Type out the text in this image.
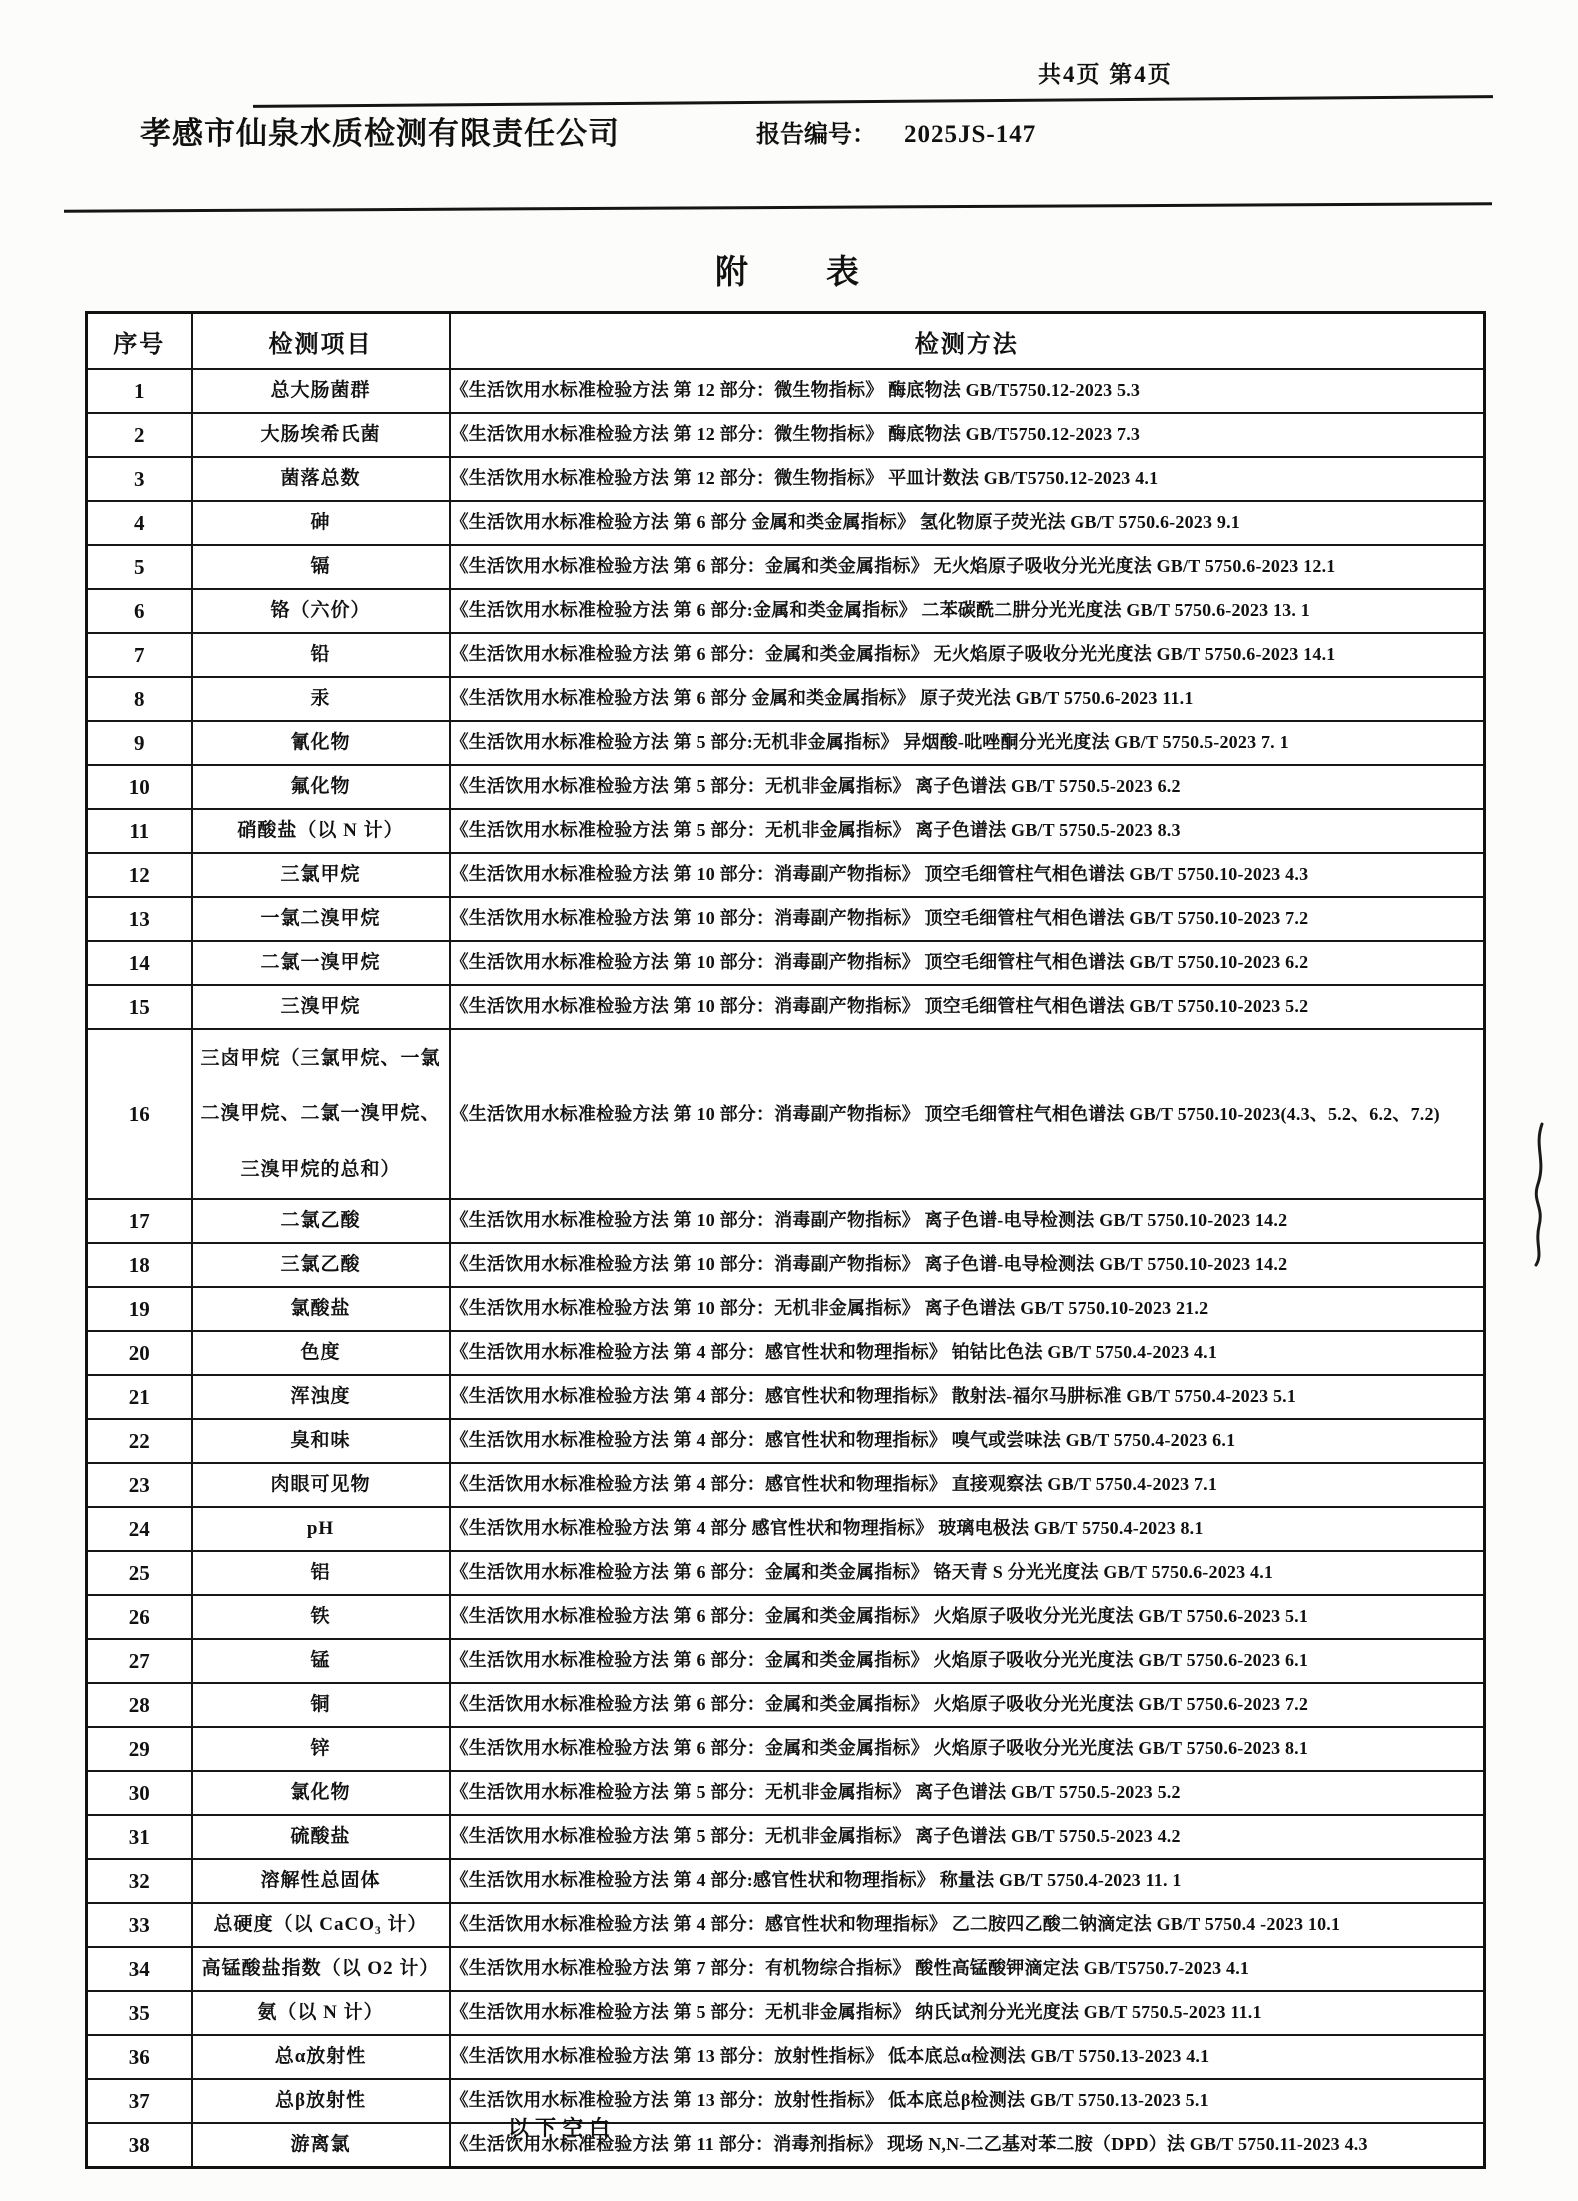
共4页 第4页
孝感市仙泉水质检测有限责任公司	报告编号： 2025JS-147
附　　表
序号	检测项目	检测方法
1	总大肠菌群	《生活饮用水标准检验方法 第 12 部分：微生物指标》 酶底物法 GB/T5750.12-2023 5.3
2	大肠埃希氏菌	《生活饮用水标准检验方法 第 12 部分：微生物指标》 酶底物法 GB/T5750.12-2023 7.3
3	菌落总数	《生活饮用水标准检验方法 第 12 部分：微生物指标》 平皿计数法 GB/T5750.12-2023 4.1
4	砷	《生活饮用水标准检验方法 第 6 部分 金属和类金属指标》 氢化物原子荧光法 GB/T 5750.6-2023 9.1
5	镉	《生活饮用水标准检验方法 第 6 部分：金属和类金属指标》 无火焰原子吸收分光光度法 GB/T 5750.6-2023 12.1
6	铬（六价）	《生活饮用水标准检验方法 第 6 部分:金属和类金属指标》 二苯碳酰二肼分光光度法 GB/T 5750.6-2023 13. 1
7	铅	《生活饮用水标准检验方法 第 6 部分：金属和类金属指标》 无火焰原子吸收分光光度法 GB/T 5750.6-2023 14.1
8	汞	《生活饮用水标准检验方法 第 6 部分 金属和类金属指标》 原子荧光法 GB/T 5750.6-2023 11.1
9	氰化物	《生活饮用水标准检验方法 第 5 部分:无机非金属指标》 异烟酸-吡唑酮分光光度法 GB/T 5750.5-2023 7. 1
10	氟化物	《生活饮用水标准检验方法 第 5 部分：无机非金属指标》 离子色谱法 GB/T 5750.5-2023 6.2
11	硝酸盐（以 N 计）	《生活饮用水标准检验方法 第 5 部分：无机非金属指标》 离子色谱法 GB/T 5750.5-2023 8.3
12	三氯甲烷	《生活饮用水标准检验方法 第 10 部分：消毒副产物指标》 顶空毛细管柱气相色谱法 GB/T 5750.10-2023 4.3
13	一氯二溴甲烷	《生活饮用水标准检验方法 第 10 部分：消毒副产物指标》 顶空毛细管柱气相色谱法 GB/T 5750.10-2023 7.2
14	二氯一溴甲烷	《生活饮用水标准检验方法 第 10 部分：消毒副产物指标》 顶空毛细管柱气相色谱法 GB/T 5750.10-2023 6.2
15	三溴甲烷	《生活饮用水标准检验方法 第 10 部分：消毒副产物指标》 顶空毛细管柱气相色谱法 GB/T 5750.10-2023 5.2
16	三卤甲烷（三氯甲烷、一氯二溴甲烷、二氯一溴甲烷、三溴甲烷的总和）	《生活饮用水标准检验方法 第 10 部分：消毒副产物指标》 顶空毛细管柱气相色谱法 GB/T 5750.10-2023(4.3、5.2、6.2、7.2)
17	二氯乙酸	《生活饮用水标准检验方法 第 10 部分：消毒副产物指标》 离子色谱-电导检测法 GB/T 5750.10-2023 14.2
18	三氯乙酸	《生活饮用水标准检验方法 第 10 部分：消毒副产物指标》 离子色谱-电导检测法 GB/T 5750.10-2023 14.2
19	氯酸盐	《生活饮用水标准检验方法 第 10 部分：无机非金属指标》 离子色谱法 GB/T 5750.10-2023 21.2
20	色度	《生活饮用水标准检验方法 第 4 部分：感官性状和物理指标》 铂钴比色法 GB/T 5750.4-2023 4.1
21	浑浊度	《生活饮用水标准检验方法 第 4 部分：感官性状和物理指标》 散射法-福尔马肼标准 GB/T 5750.4-2023 5.1
22	臭和味	《生活饮用水标准检验方法 第 4 部分：感官性状和物理指标》 嗅气或尝味法 GB/T 5750.4-2023 6.1
23	肉眼可见物	《生活饮用水标准检验方法 第 4 部分：感官性状和物理指标》 直接观察法 GB/T 5750.4-2023 7.1
24	pH	《生活饮用水标准检验方法 第 4 部分 感官性状和物理指标》 玻璃电极法 GB/T 5750.4-2023 8.1
25	铝	《生活饮用水标准检验方法 第 6 部分：金属和类金属指标》 铬天青 S 分光光度法 GB/T 5750.6-2023 4.1
26	铁	《生活饮用水标准检验方法 第 6 部分：金属和类金属指标》 火焰原子吸收分光光度法 GB/T 5750.6-2023 5.1
27	锰	《生活饮用水标准检验方法 第 6 部分：金属和类金属指标》 火焰原子吸收分光光度法 GB/T 5750.6-2023 6.1
28	铜	《生活饮用水标准检验方法 第 6 部分：金属和类金属指标》 火焰原子吸收分光光度法 GB/T 5750.6-2023 7.2
29	锌	《生活饮用水标准检验方法 第 6 部分：金属和类金属指标》 火焰原子吸收分光光度法 GB/T 5750.6-2023 8.1
30	氯化物	《生活饮用水标准检验方法 第 5 部分：无机非金属指标》 离子色谱法 GB/T 5750.5-2023 5.2
31	硫酸盐	《生活饮用水标准检验方法 第 5 部分：无机非金属指标》 离子色谱法 GB/T 5750.5-2023 4.2
32	溶解性总固体	《生活饮用水标准检验方法 第 4 部分:感官性状和物理指标》 称量法 GB/T 5750.4-2023 11. 1
33	总硬度（以 CaCO₃ 计）	《生活饮用水标准检验方法 第 4 部分：感官性状和物理指标》 乙二胺四乙酸二钠滴定法 GB/T 5750.4 -2023 10.1
34	高锰酸盐指数（以 O2 计）	《生活饮用水标准检验方法 第 7 部分：有机物综合指标》 酸性高锰酸钾滴定法 GB/T5750.7-2023 4.1
35	氨（以 N 计）	《生活饮用水标准检验方法 第 5 部分：无机非金属指标》 纳氏试剂分光光度法 GB/T 5750.5-2023 11.1
36	总α放射性	《生活饮用水标准检验方法 第 13 部分：放射性指标》 低本底总α检测法 GB/T 5750.13-2023 4.1
37	总β放射性	《生活饮用水标准检验方法 第 13 部分：放射性指标》 低本底总β检测法 GB/T 5750.13-2023 5.1
38	游离氯	《生活饮用水标准检验方法 第 11 部分：消毒剂指标》 现场 N,N-二乙基对苯二胺（DPD）法 GB/T 5750.11-2023 4.3
以下空白
